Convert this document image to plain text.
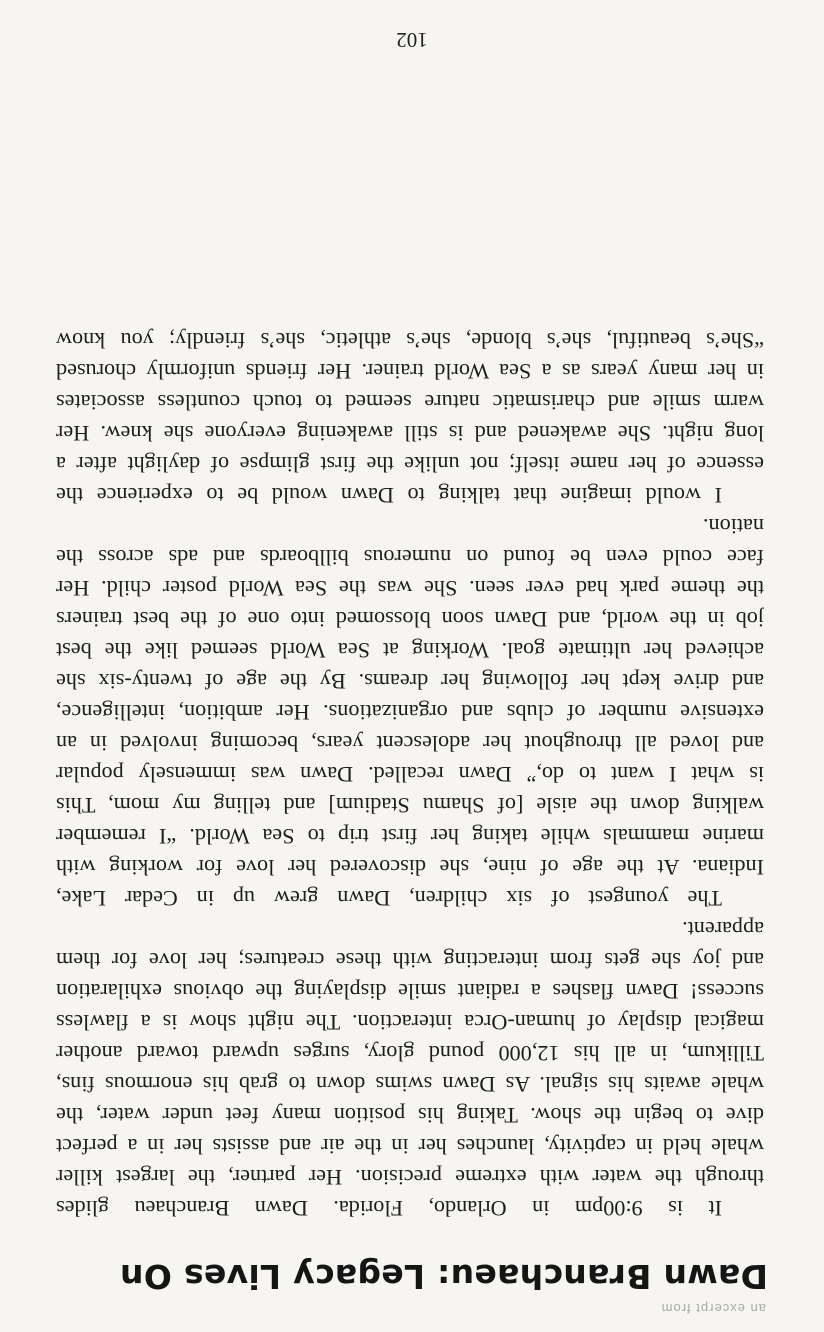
an excerpt from

Dawn Branchaeu: Legacy Lives On
It is 9:00pm in Orlando, Florida. Dawn Branchaeu glides
through the water with extreme precision. Her partner, the largest killer
whale held in captivity, launches her in the air and assists her in a perfect
dive to begin the show. Taking his position many feet under water, the
whale awaits his signal. As Dawn swims down to grab his enormous fins,
Tillikum, in all his 12,000 pound glory, surges upward toward another
magical display of human-Orca interaction. The night show is a flawless
success! Dawn flashes a radiant smile displaying the obvious exhilaration
and joy she gets from interacting with these creatures; her love for them
apparent.
The youngest of six children, Dawn grew up in Cedar Lake,
Indiana. At the age of nine, she discovered her love for working with
marine mammals while taking her first trip to Sea World. “I remember
walking down the aisle [of Shamu Stadium] and telling my mom, This
is what I want to do,” Dawn recalled. Dawn was immensely popular
and loved all throughout her adolescent years, becoming involved in an
extensive number of clubs and organizations. Her ambition, intelligence,
and drive kept her following her dreams. By the age of twenty-six she
achieved her ultimate goal. Working at Sea World seemed like the best
job in the world, and Dawn soon blossomed into one of the best trainers
the theme park had ever seen. She was the Sea World poster child. Her
face could even be found on numerous billboards and ads across the
nation.
I would imagine that talking to Dawn would be to experience the
essence of her name itself; not unlike the first glimpse of daylight after a
long night. She awakened and is still awakening everyone she knew. Her
warm smile and charismatic nature seemed to touch countless associates
in her many years as a Sea World trainer. Her friends uniformly chorused
“She’s beautiful, she’s blonde, she’s athletic, she’s friendly; you know

102
